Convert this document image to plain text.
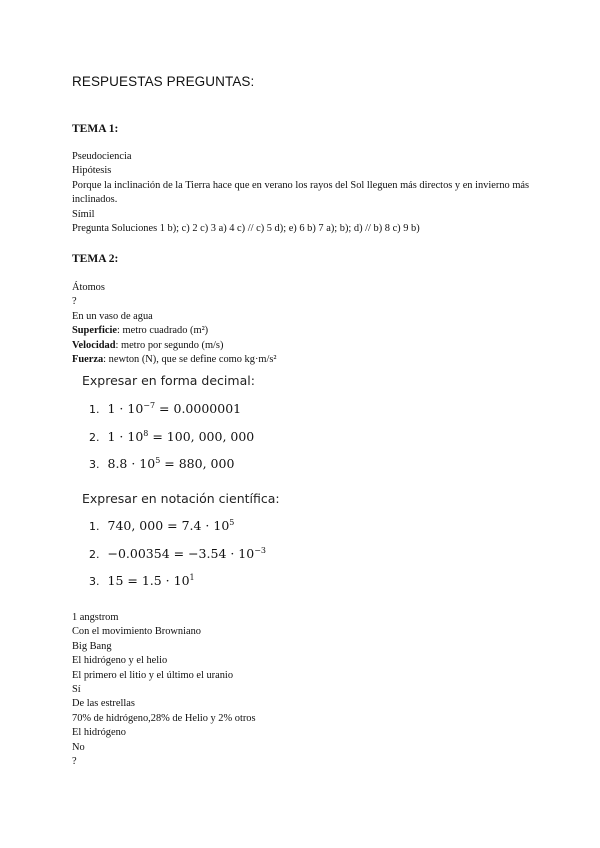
RESPUESTAS PREGUNTAS:
TEMA 1:
Pseudociencia
Hipótesis
Porque la inclinación de la Tierra hace que en verano los rayos del Sol lleguen más directos y en invierno más inclinados.
Símil
Pregunta Soluciones 1 b); c) 2 c) 3 a) 4 c) // c) 5 d); e) 6 b) 7 a); b); d) // b) 8 c) 9 b)
TEMA 2:
Átomos
?
En un vaso de agua
Superficie: metro cuadrado (m²)
Velocidad: metro por segundo (m/s)
Fuerza: newton (N), que se define como kg·m/s²
Expresar en forma decimal:
1. $1 \cdot 10^{-7} = 0.0000001$
2. $1 \cdot 10^8 = 100$, 000, 000
3. $8.8 \cdot 10^5 = 880$, 000
Expresar en notación científica:
1. 740, $000 = 7.4 \cdot 10^5$
2. $-0.00354 = -3.54 \cdot 10^{-3}$
3. $15 = 1.5 \cdot 10^1$
1 angstrom
Con el movimiento Browniano
Big Bang
El hidrógeno y el helio
El primero el litio y el último el uranio
Sí
De las estrellas
70% de hidrógeno,28% de Helio y 2% otros
El hidrógeno
No
?
